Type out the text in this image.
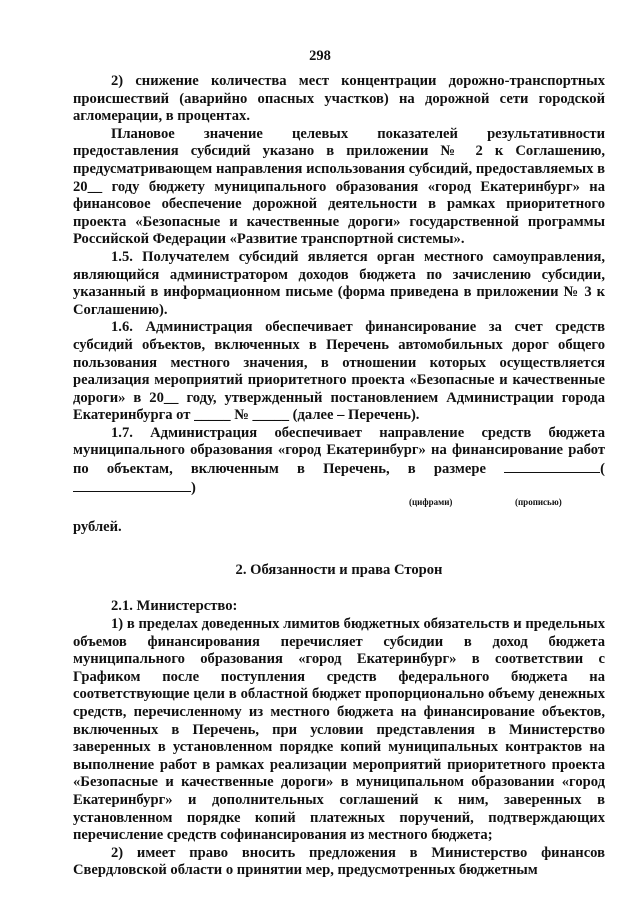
298

2) снижение количества мест концентрации дорожно-транспортных происшествий (аварийно опасных участков) на дорожной сети городской агломерации, в процентах.

Плановое значение целевых показателей результативности предоставления субсидий указано в приложении № 2 к Соглашению, предусматривающем направления использования субсидий, предоставляемых в 20__ году бюджету муниципального образования «город Екатеринбург» на финансовое обеспечение дорожной деятельности в рамках приоритетного проекта «Безопасные и качественные дороги» государственной программы Российской Федерации «Развитие транспортной системы».

1.5. Получателем субсидий является орган местного самоуправления, являющийся администратором доходов бюджета по зачислению субсидии, указанный в информационном письме (форма приведена в приложении № 3 к Соглашению).

1.6. Администрация обеспечивает финансирование за счет средств субсидий объектов, включенных в Перечень автомобильных дорог общего пользования местного значения, в отношении которых осуществляется реализация мероприятий приоритетного проекта «Безопасные и качественные дороги» в 20__ году, утвержденный постановлением Администрации города Екатеринбурга от _____ № _____ (далее – Перечень).

1.7. Администрация обеспечивает направление средств бюджета муниципального образования «город Екатеринбург» на финансирование работ по объектам, включенным в Перечень, в размере	()

(цифрами)	(прописью)

рублей.

2. Обязанности и права Сторон

2.1. Министерство:

1) в пределах доведенных лимитов бюджетных обязательств и предельных объемов финансирования перечисляет субсидии в доход бюджета муниципального образования «город Екатеринбург» в соответствии с Графиком после поступления средств федерального бюджета на соответствующие цели в областной бюджет пропорционально объему денежных средств, перечисленному из местного бюджета на финансирование объектов, включенных в Перечень, при условии представления в Министерство заверенных в установленном порядке копий муниципальных контрактов на выполнение работ в рамках реализации мероприятий приоритетного проекта «Безопасные и качественные дороги» в муниципальном образовании «город Екатеринбург» и дополнительных соглашений к ним, заверенных в установленном порядке копий платежных поручений, подтверждающих перечисление средств софинансирования из местного бюджета;

2) имеет право вносить предложения в Министерство финансов Свердловской области о принятии мер, предусмотренных бюджетным
